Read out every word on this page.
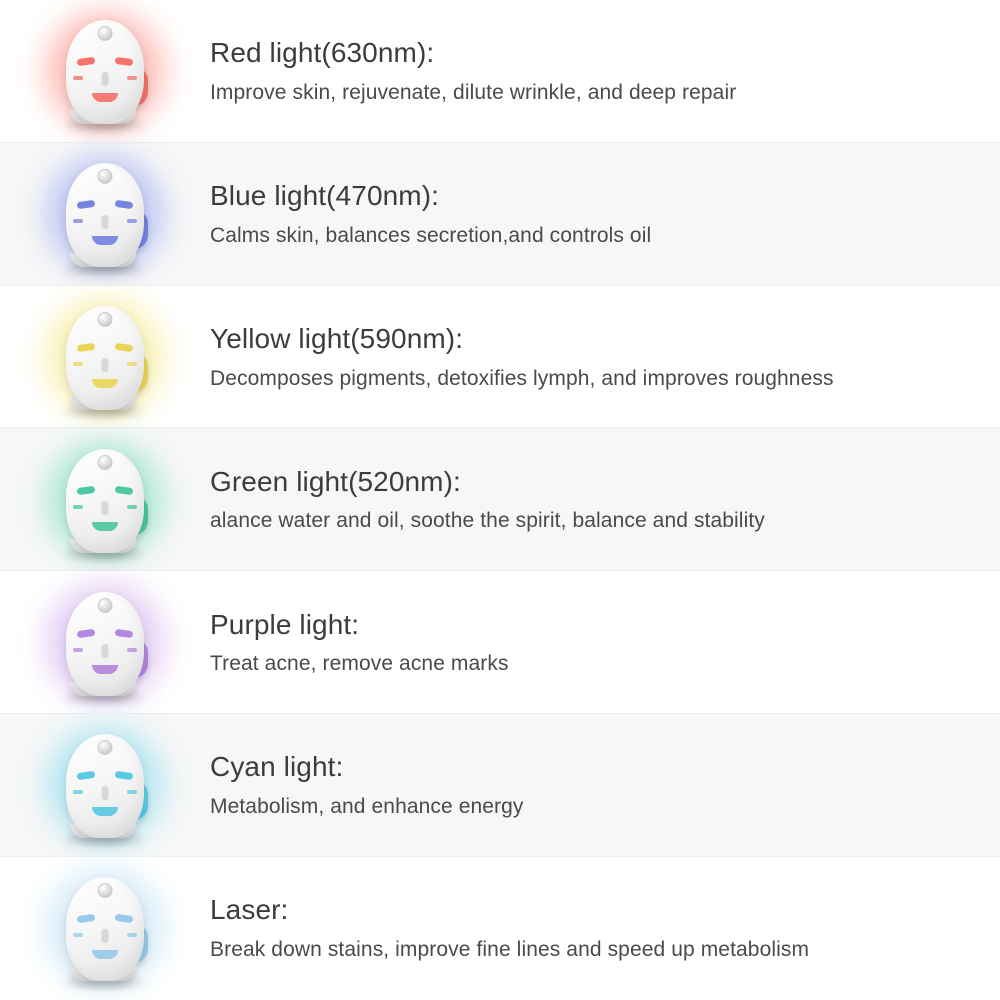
Red light(630nm):
Improve skin, rejuvenate, dilute wrinkle, and deep repair
Blue light(470nm):
Calms skin, balances secretion,and controls oil
Yellow light(590nm):
Decomposes pigments, detoxifies lymph, and improves roughness
Green light(520nm):
alance water and oil, soothe the spirit, balance and stability
Purple light:
Treat acne, remove acne marks
Cyan light:
Metabolism, and enhance energy
Laser:
Break down stains, improve fine lines and speed up metabolism
